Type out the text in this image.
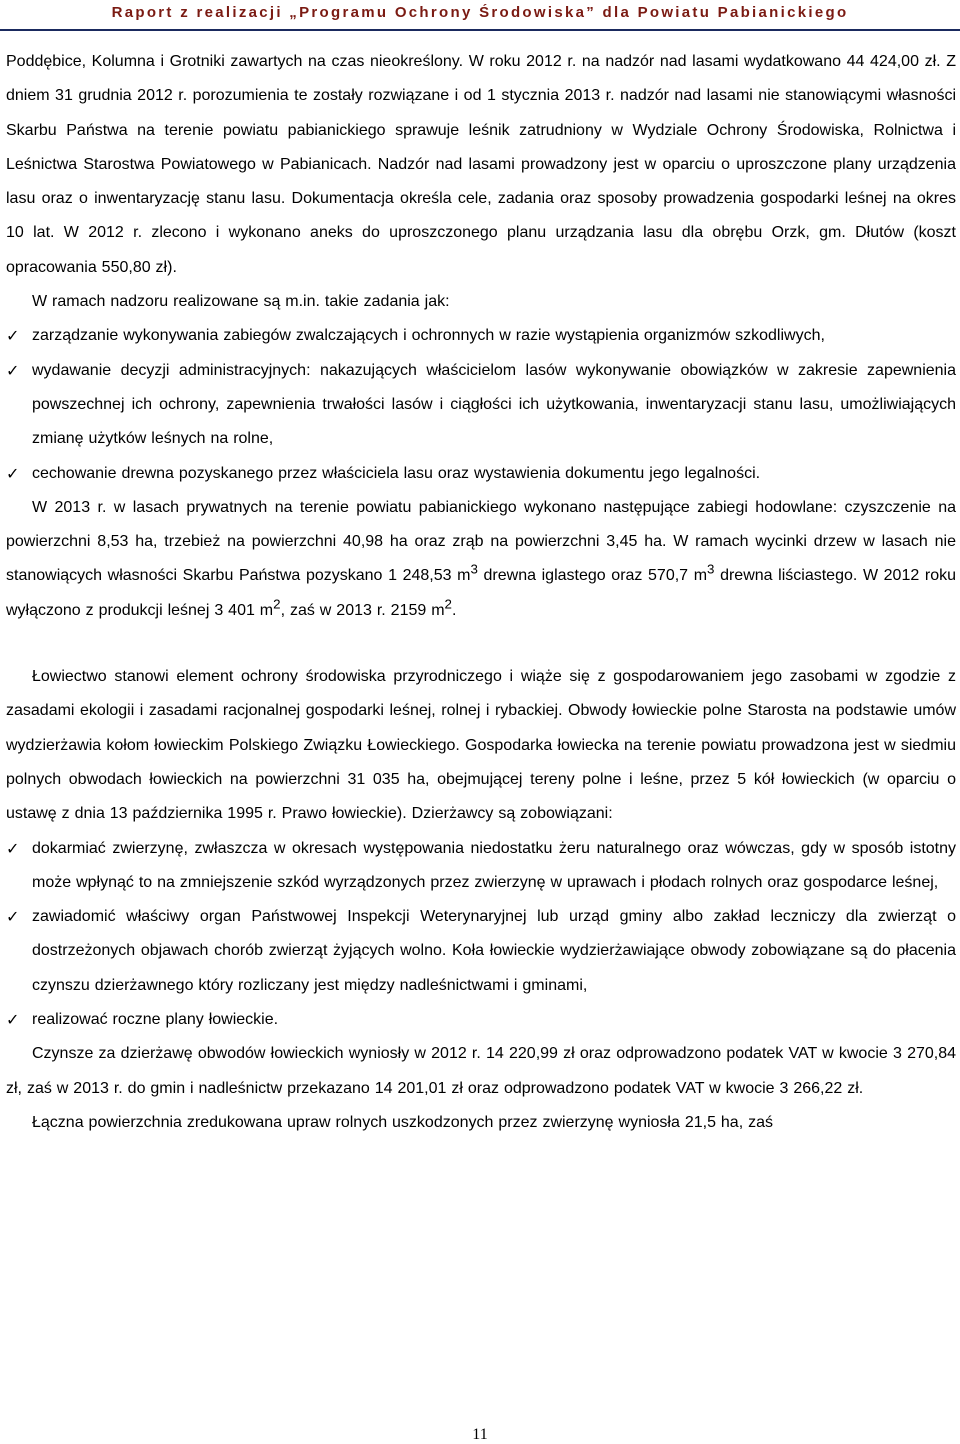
Raport z realizacji „Programu Ochrony Środowiska” dla Powiatu Pabianickiego

Poddębice, Kolumna i Grotniki zawartych na czas nieokreślony. W roku 2012 r. na nadzór nad lasami wydatkowano 44 424,00 zł. Z dniem 31 grudnia 2012 r. porozumienia te zostały rozwiązane i od 1 stycznia 2013 r. nadzór nad lasami nie stanowiącymi własności Skarbu Państwa na terenie powiatu pabianickiego sprawuje leśnik zatrudniony w Wydziale Ochrony Środowiska, Rolnictwa i Leśnictwa Starostwa Powiatowego w Pabianicach. Nadzór nad lasami prowadzony jest w oparciu o uproszczone plany urządzenia lasu oraz o inwentaryzację stanu lasu. Dokumentacja określa cele, zadania oraz sposoby prowadzenia gospodarki leśnej na okres 10 lat. W 2012 r. zlecono i wykonano aneks do uproszczonego planu urządzania lasu dla obrębu Orzk, gm. Dłutów (koszt opracowania 550,80 zł).

W ramach nadzoru realizowane są m.in. takie zadania jak:

✓ zarządzanie wykonywania zabiegów zwalczających i ochronnych w razie wystąpienia organizmów szkodliwych,
✓ wydawanie decyzji administracyjnych: nakazujących właścicielom lasów wykonywanie obowiązków w zakresie zapewnienia powszechnej ich ochrony, zapewnienia trwałości lasów i ciągłości ich użytkowania, inwentaryzacji stanu lasu, umożliwiających zmianę użytków leśnych na rolne,
✓ cechowanie drewna pozyskanego przez właściciela lasu oraz wystawienia dokumentu jego legalności.

W 2013 r. w lasach prywatnych na terenie powiatu pabianickiego wykonano następujące zabiegi hodowlane: czyszczenie na powierzchni 8,53 ha, trzebież na powierzchni 40,98 ha oraz zrąb na powierzchni 3,45 ha. W ramach wycinki drzew w lasach nie stanowiących własności Skarbu Państwa pozyskano 1 248,53 $m^3$ drewna iglastego oraz 570,7 $m^3$ drewna liściastego. W 2012 roku wyłączono z produkcji leśnej 3 401 $m^2$, zaś w 2013 r. 2159 $m^2$.

Łowiectwo stanowi element ochrony środowiska przyrodniczego i wiąże się z gospodarowaniem jego zasobami w zgodzie z zasadami ekologii i zasadami racjonalnej gospodarki leśnej, rolnej i rybackiej. Obwody łowieckie polne Starosta na podstawie umów wydzierżawia kołom łowieckim Polskiego Związku Łowieckiego. Gospodarka łowiecka na terenie powiatu prowadzona jest w siedmiu polnych obwodach łowieckich na powierzchni 31 035 ha, obejmującej tereny polne i leśne, przez 5 kół łowieckich (w oparciu o ustawę z dnia 13 października 1995 r. Prawo łowieckie). Dzierżawcy są zobowiązani:

✓ dokarmiać zwierzynę, zwłaszcza w okresach występowania niedostatku żeru naturalnego oraz wówczas, gdy w sposób istotny może wpłynąć to na zmniejszenie szkód wyrządzonych przez zwierzynę w uprawach i płodach rolnych oraz gospodarce leśnej,
✓ zawiadomić właściwy organ Państwowej Inspekcji Weterynaryjnej lub urząd gminy albo zakład leczniczy dla zwierząt o dostrzeżonych objawach chorób zwierząt żyjących wolno. Koła łowieckie wydzierżawiające obwody zobowiązane są do płacenia czynszu dzierżawnego który rozliczany jest między nadleśnictwami i gminami,
✓ realizować roczne plany łowieckie.

Czynsze za dzierżawę obwodów łowieckich wyniosły w 2012 r. 14 220,99 zł oraz odprowadzono podatek VAT w kwocie 3 270,84 zł, zaś w 2013 r. do gmin i nadleśnictw przekazano 14 201,01 zł oraz odprowadzono podatek VAT w kwocie 3 266,22 zł.

Łączna powierzchnia zredukowana upraw rolnych uszkodzonych przez zwierzynę wyniosła 21,5 ha, zaś

11
